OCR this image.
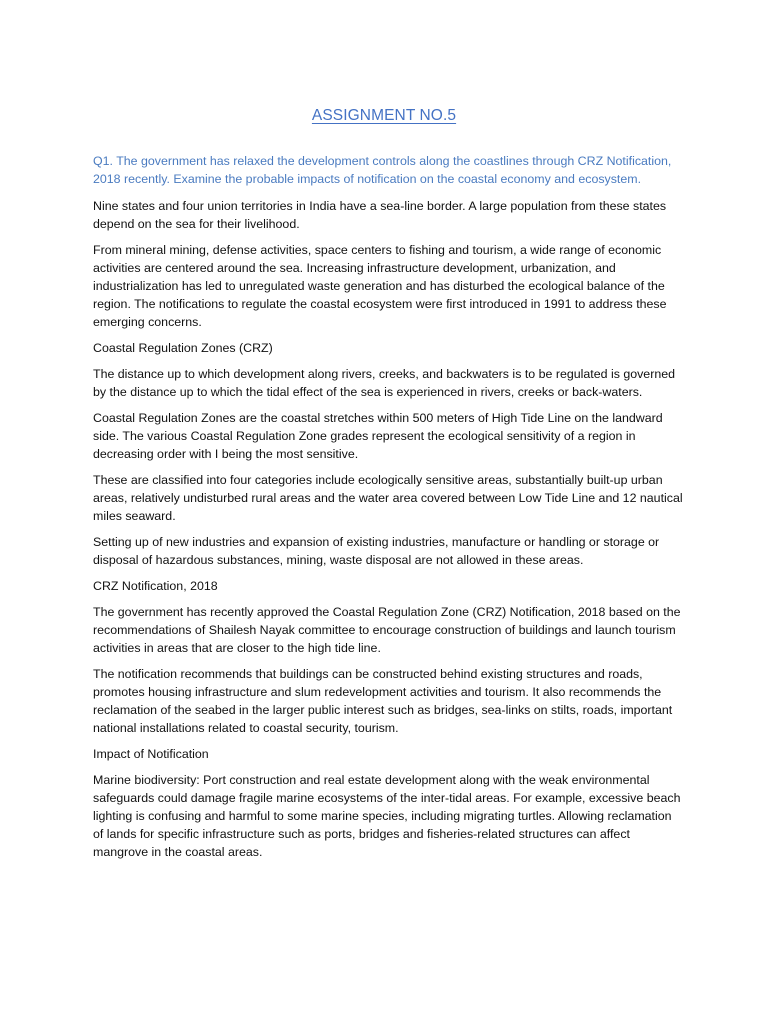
ASSIGNMENT NO.5

Q1. The government has relaxed the development controls along the coastlines through CRZ Notification, 2018 recently. Examine the probable impacts of notification on the coastal economy and ecosystem.

Nine states and four union territories in India have a sea-line border. A large population from these states depend on the sea for their livelihood.

From mineral mining, defense activities, space centers to fishing and tourism, a wide range of economic activities are centered around the sea. Increasing infrastructure development, urbanization, and industrialization has led to unregulated waste generation and has disturbed the ecological balance of the region. The notifications to regulate the coastal ecosystem were first introduced in 1991 to address these emerging concerns.

Coastal Regulation Zones (CRZ)

The distance up to which development along rivers, creeks, and backwaters is to be regulated is governed by the distance up to which the tidal effect of the sea is experienced in rivers, creeks or back-waters.

Coastal Regulation Zones are the coastal stretches within 500 meters of High Tide Line on the landward side. The various Coastal Regulation Zone grades represent the ecological sensitivity of a region in decreasing order with I being the most sensitive.

These are classified into four categories include ecologically sensitive areas, substantially built-up urban areas, relatively undisturbed rural areas and the water area covered between Low Tide Line and 12 nautical miles seaward.

Setting up of new industries and expansion of existing industries, manufacture or handling or storage or disposal of hazardous substances, mining, waste disposal are not allowed in these areas.

CRZ Notification, 2018

The government has recently approved the Coastal Regulation Zone (CRZ) Notification, 2018 based on the recommendations of Shailesh Nayak committee to encourage construction of buildings and launch tourism activities in areas that are closer to the high tide line.

The notification recommends that buildings can be constructed behind existing structures and roads, promotes housing infrastructure and slum redevelopment activities and tourism. It also recommends the reclamation of the seabed in the larger public interest such as bridges, sea-links on stilts, roads, important national installations related to coastal security, tourism.

Impact of Notification

Marine biodiversity: Port construction and real estate development along with the weak environmental safeguards could damage fragile marine ecosystems of the inter-tidal areas. For example, excessive beach lighting is confusing and harmful to some marine species, including migrating turtles. Allowing reclamation of lands for specific infrastructure such as ports, bridges and fisheries-related structures can affect mangrove in the coastal areas.
